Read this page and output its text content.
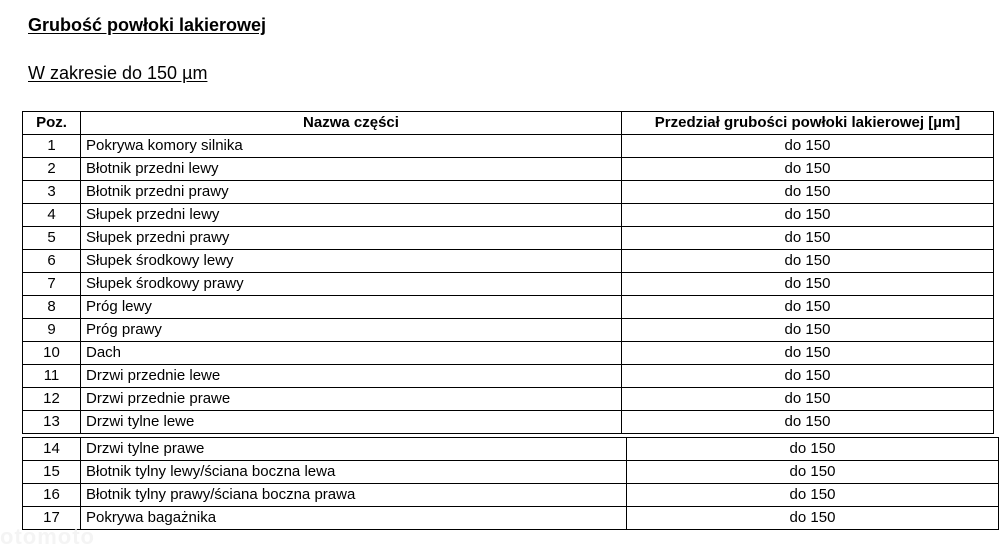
Grubość powłoki lakierowej
W zakresie do 150 µm
Poz.	Nazwa części	Przedział grubości powłoki lakierowej [µm]
1	Pokrywa komory silnika	do 150
2	Błotnik przedni lewy	do 150
3	Błotnik przedni prawy	do 150
4	Słupek przedni lewy	do 150
5	Słupek przedni prawy	do 150
6	Słupek środkowy lewy	do 150
7	Słupek środkowy prawy	do 150
8	Próg lewy	do 150
9	Próg prawy	do 150
10	Dach	do 150
11	Drzwi przednie lewe	do 150
12	Drzwi przednie prawe	do 150
13	Drzwi tylne lewe	do 150
14	Drzwi tylne prawe	do 150
15	Błotnik tylny lewy/ściana boczna lewa	do 150
16	Błotnik tylny prawy/ściana boczna prawa	do 150
17	Pokrywa bagażnika	do 150
otomoto
